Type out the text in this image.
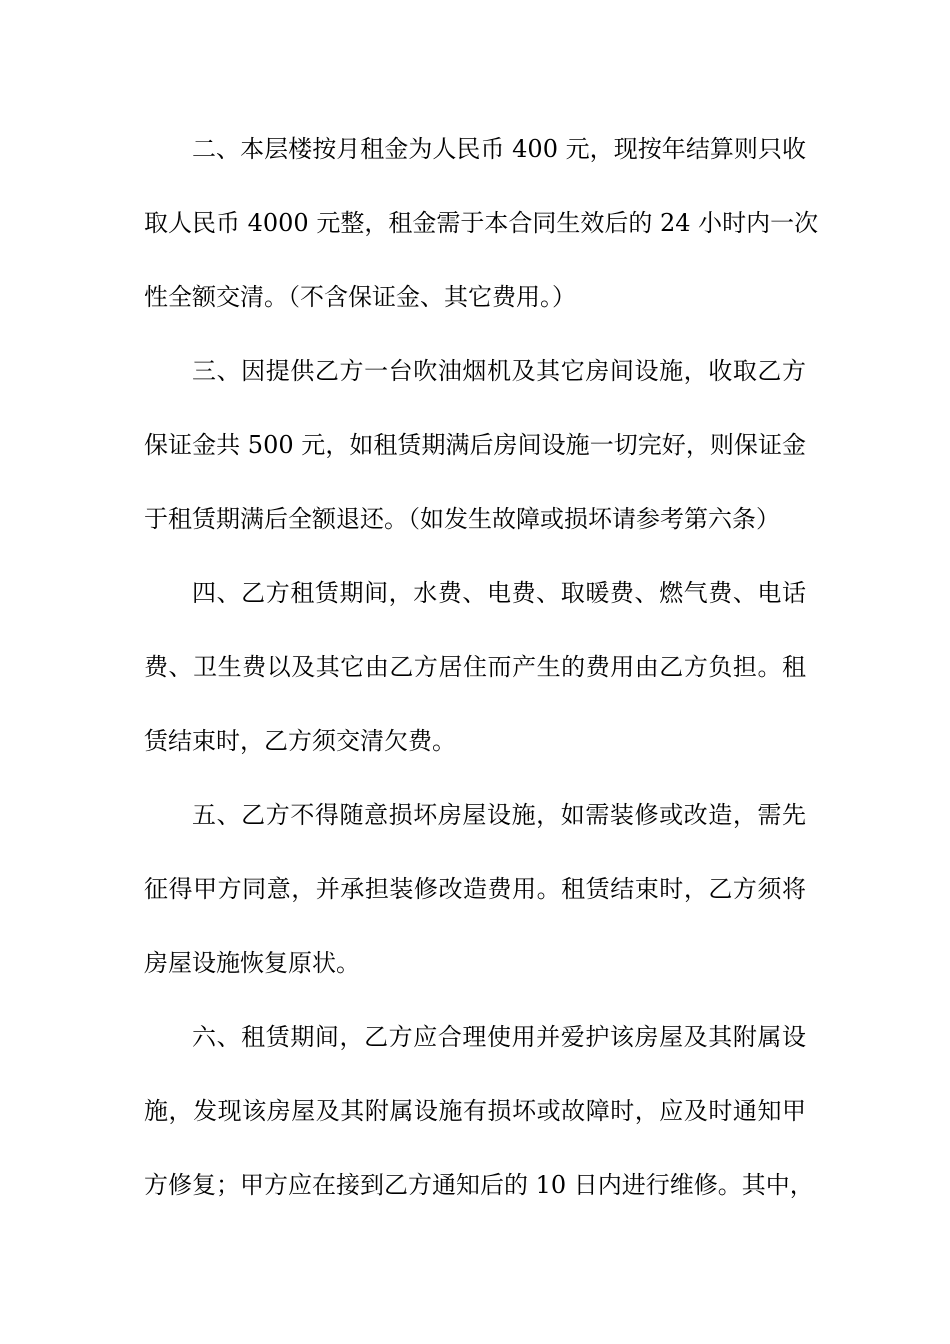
二、本层楼按月租金为人民币 400 元，现按年结算则只收
取人民币 4000 元整，租金需于本合同生效后的 24 小时内一次
性全额交清。（不含保证金、其它费用。）

三、因提供乙方一台吹油烟机及其它房间设施，收取乙方
保证金共 500 元，如租赁期满后房间设施一切完好，则保证金
于租赁期满后全额退还。（如发生故障或损坏请参考第六条）

四、乙方租赁期间，水费、电费、取暖费、燃气费、电话
费、卫生费以及其它由乙方居住而产生的费用由乙方负担。租
赁结束时，乙方须交清欠费。

五、乙方不得随意损坏房屋设施，如需装修或改造，需先
征得甲方同意，并承担装修改造费用。租赁结束时，乙方须将
房屋设施恢复原状。

六、租赁期间，乙方应合理使用并爱护该房屋及其附属设
施，发现该房屋及其附属设施有损坏或故障时，应及时通知甲
方修复；甲方应在接到乙方通知后的 10 日内进行维修。其中，
